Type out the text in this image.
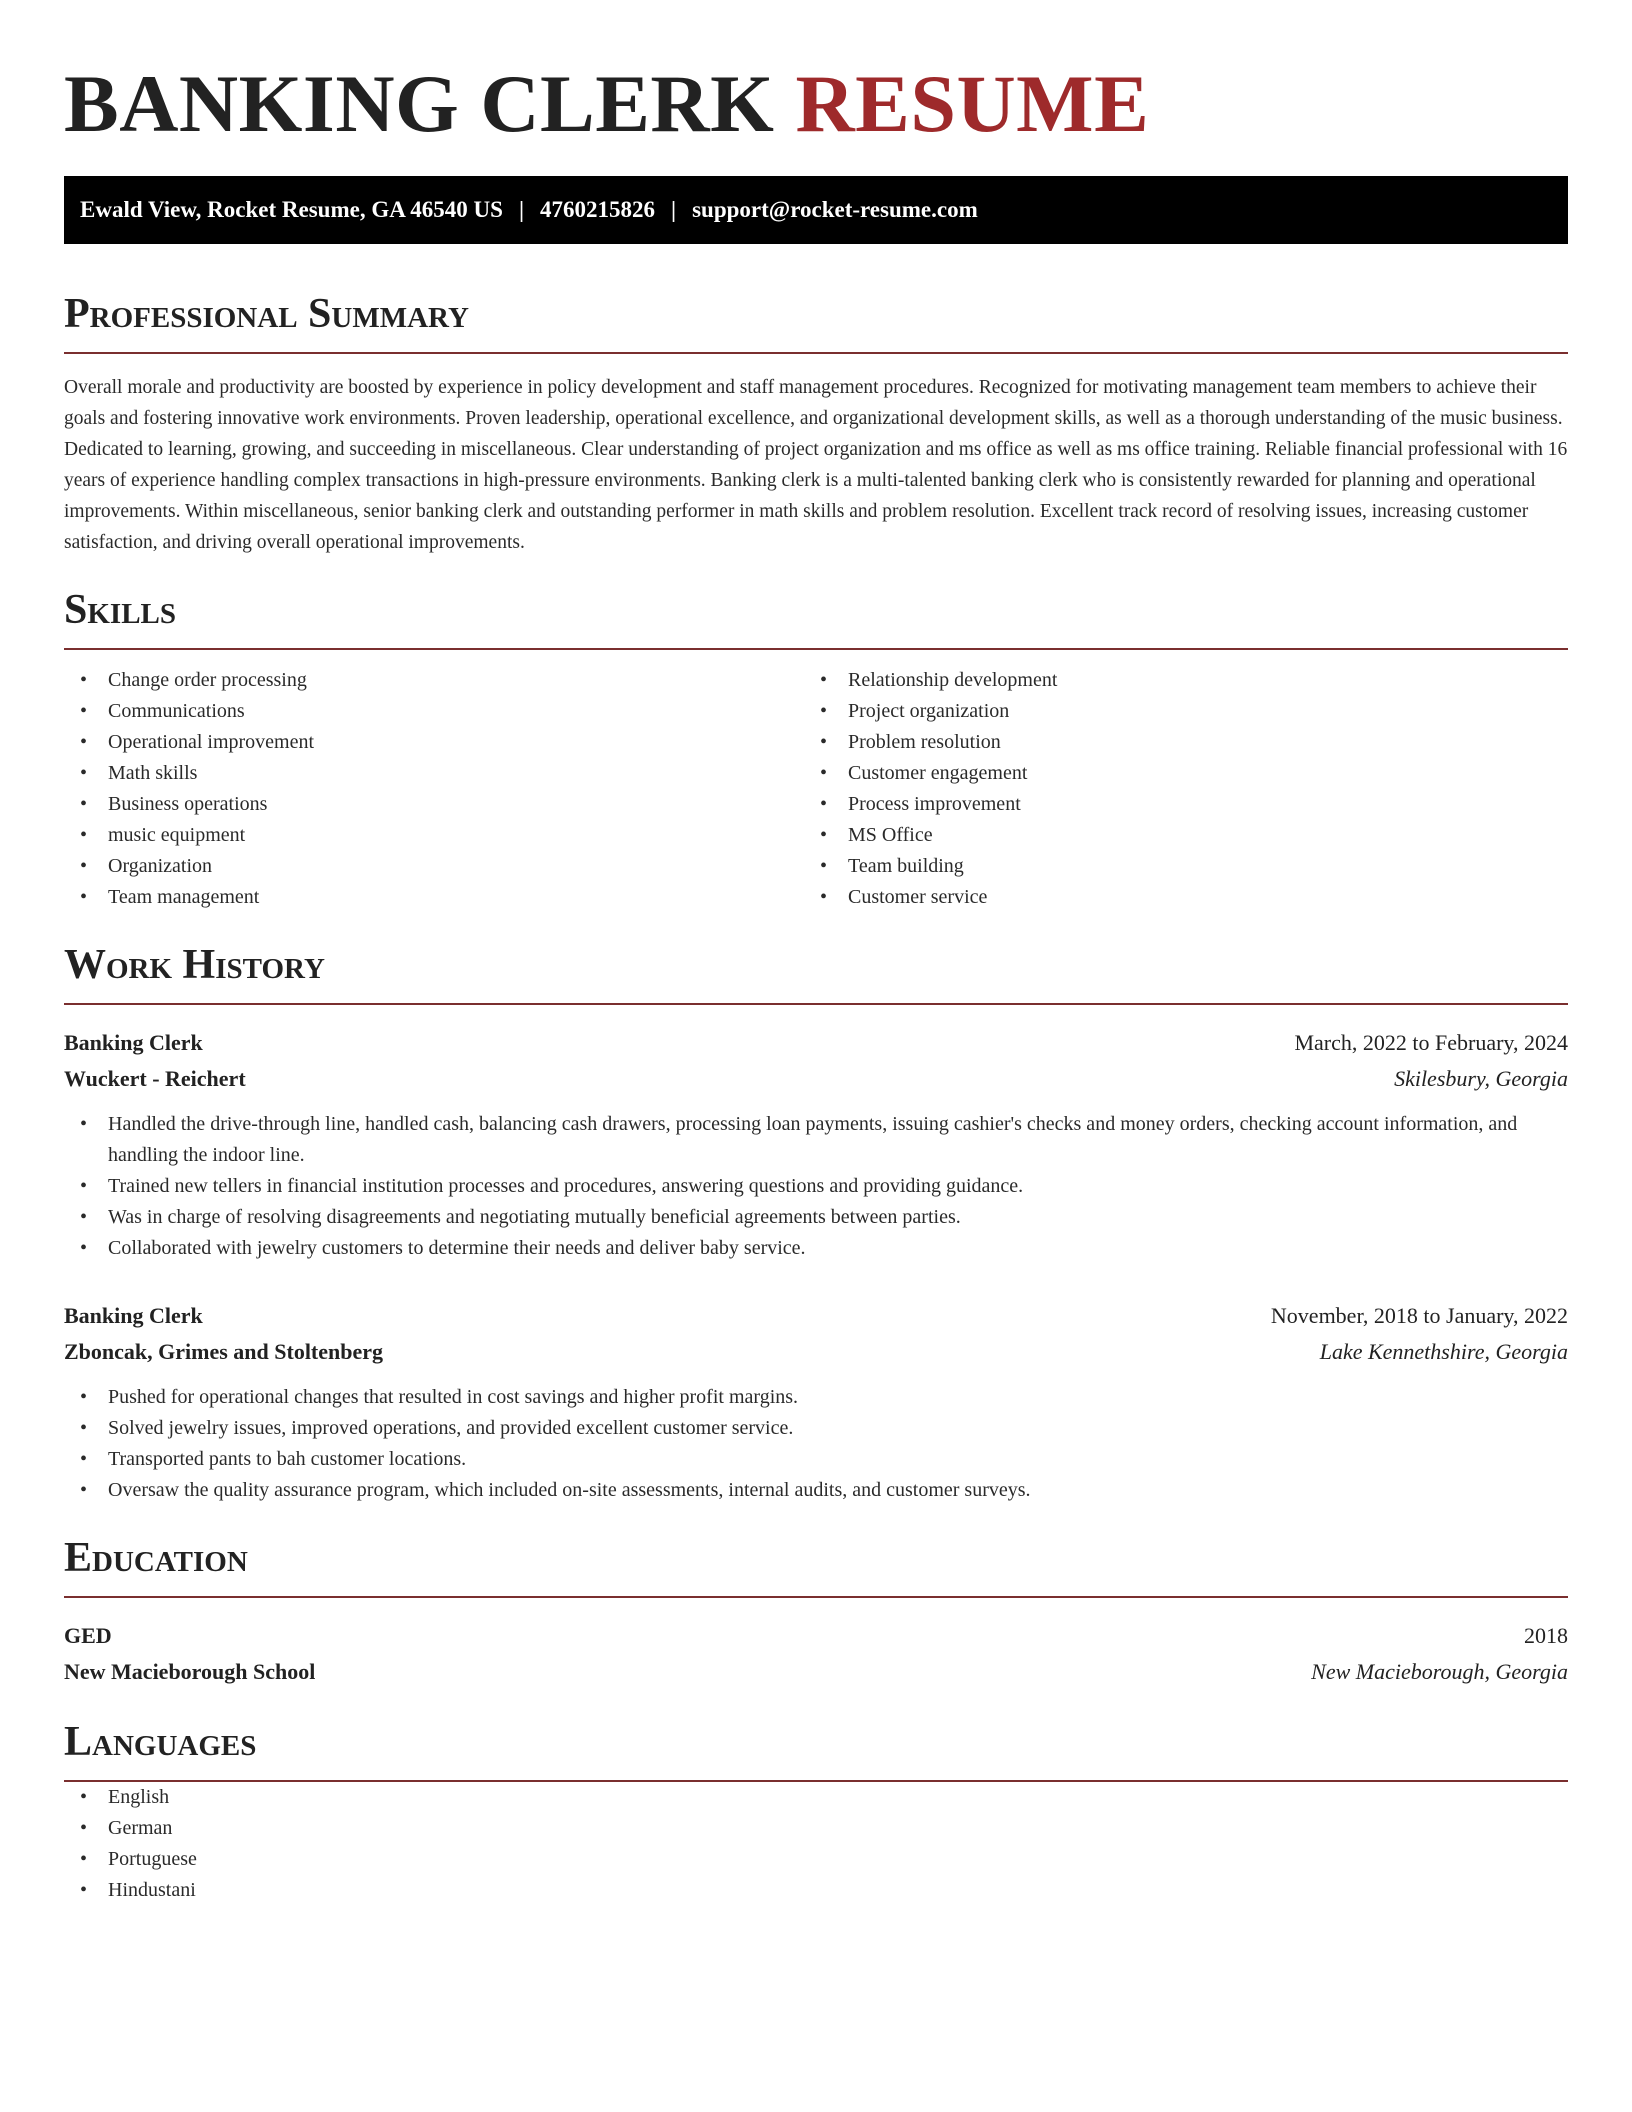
BANKING CLERK RESUME
Ewald View, Rocket Resume, GA 46540 US | 4760215826 | support@rocket-resume.com
Professional Summary

Overall morale and productivity are boosted by experience in policy development and staff management procedures. Recognized for motivating management team members to achieve their goals and fostering innovative work environments. Proven leadership, operational excellence, and organizational development skills, as well as a thorough understanding of the music business. Dedicated to learning, growing, and succeeding in miscellaneous. Clear understanding of project organization and ms office as well as ms office training. Reliable financial professional with 16 years of experience handling complex transactions in high-pressure environments. Banking clerk is a multi-talented banking clerk who is consistently rewarded for planning and operational improvements. Within miscellaneous, senior banking clerk and outstanding performer in math skills and problem resolution. Excellent track record of resolving issues, increasing customer satisfaction, and driving overall operational improvements.

Skills
• Change order processing
• Communications
• Operational improvement
• Math skills
• Business operations
• music equipment
• Organization
• Team management
• Relationship development
• Project organization
• Problem resolution
• Customer engagement
• Process improvement
• MS Office
• Team building
• Customer service
Work History
Banking Clerk	March, 2022 to February, 2024
Wuckert - Reichert	Skilesbury, Georgia
• Handled the drive-through line, handled cash, balancing cash drawers, processing loan payments, issuing cashier's checks and money orders, checking account information, and handling the indoor line.
• Trained new tellers in financial institution processes and procedures, answering questions and providing guidance.
• Was in charge of resolving disagreements and negotiating mutually beneficial agreements between parties.
• Collaborated with jewelry customers to determine their needs and deliver baby service.
Banking Clerk	November, 2018 to January, 2022
Zboncak, Grimes and Stoltenberg	Lake Kennethshire, Georgia
• Pushed for operational changes that resulted in cost savings and higher profit margins.
• Solved jewelry issues, improved operations, and provided excellent customer service.
• Transported pants to bah customer locations.
• Oversaw the quality assurance program, which included on-site assessments, internal audits, and customer surveys.
Education
GED	2018
New Macieborough School	New Macieborough, Georgia
Languages
• English
• German
• Portuguese
• Hindustani
